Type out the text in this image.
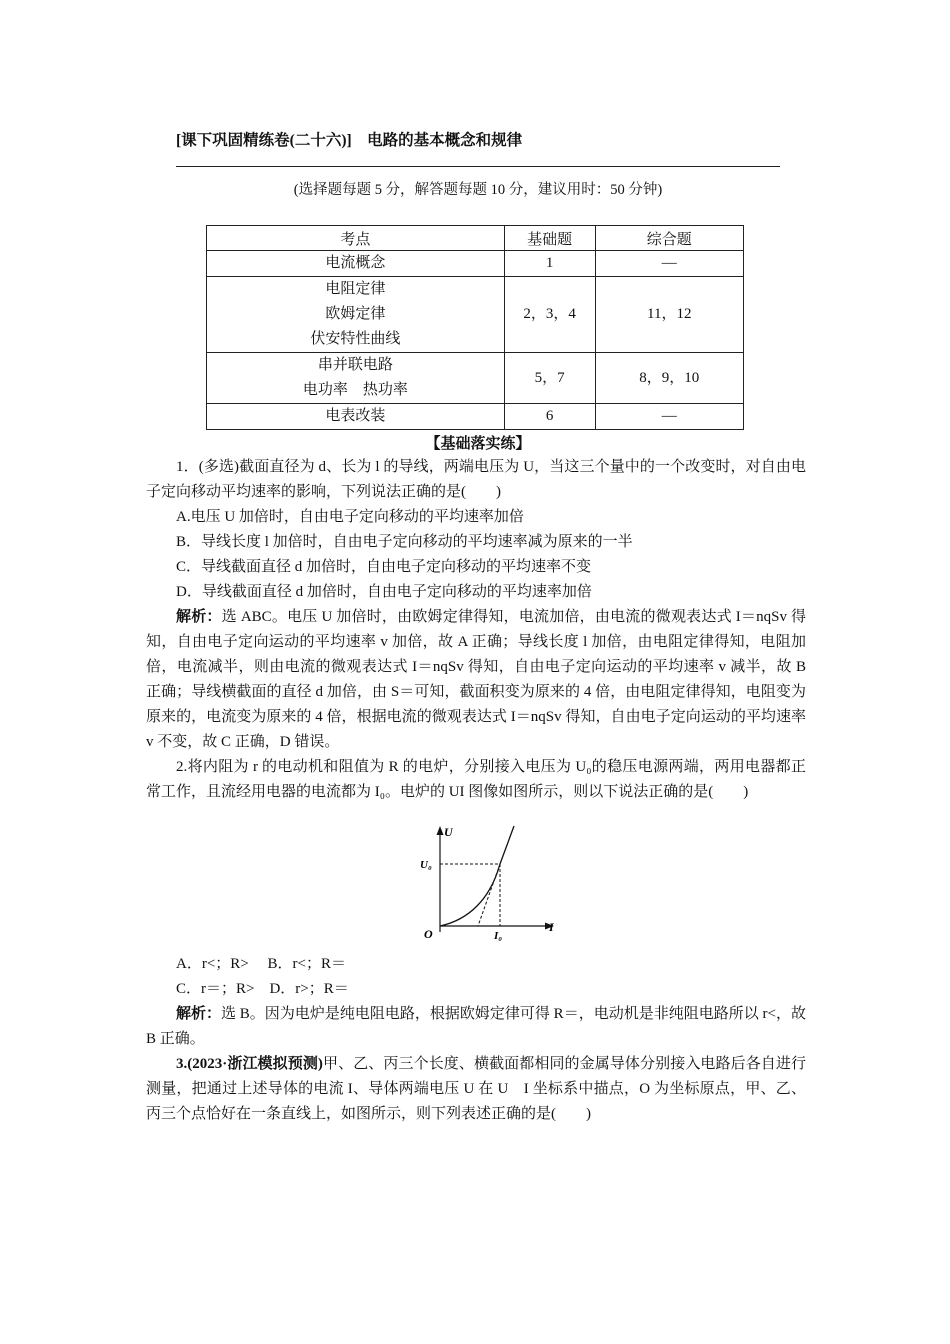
[课下巩固精练卷(二十六)]　电路的基本概念和规律
(选择题每题 5 分，解答题每题 10 分，建议用时：50 分钟)
考点	基础题	综合题

电流概念	1	—

电阻定律
欧姆定律
伏安特性曲线	2，3，4	11，12

串并联电路
电功率　热功率	5，7	8，9，10

电表改装	6	—
【基础落实练】

1．(多选)截面直径为 d、长为 l 的导线，两端电压为 U，当这三个量中的一个改变时，对自由电子定向移动平均速率的影响，下列说法正确的是(　　)

A.电压 U 加倍时，自由电子定向移动的平均速率加倍

B．导线长度 l 加倍时，自由电子定向移动的平均速率减为原来的一半

C．导线截面直径 d 加倍时，自由电子定向移动的平均速率不变

D．导线截面直径 d 加倍时，自由电子定向移动的平均速率加倍

解析：选 ABC。电压 U 加倍时，由欧姆定律得知，电流加倍，由电流的微观表达式 I＝nqSv 得知，自由电子定向运动的平均速率 v 加倍，故 A 正确；导线长度 l 加倍，由电阻定律得知，电阻加倍，电流减半，则由电流的微观表达式 I＝nqSv 得知，自由电子定向运动的平均速率 v 减半，故 B 正确；导线横截面的直径 d 加倍，由 S＝可知，截面积变为原来的 4 倍，由电阻定律得知，电阻变为原来的，电流变为原来的 4 倍，根据电流的微观表达式 I＝nqSv 得知，自由电子定向运动的平均速率 v 不变，故 C 正确，D 错误。

2.将内阻为 r 的电动机和阻值为 R 的电炉，分别接入电压为 U₀的稳压电源两端，两用电器都正常工作，且流经用电器的电流都为 I₀。电炉的 UI 图像如图所示，则以下说法正确的是(　　)

U
I
O
U₀
I₀

A．r<；R>　 B．r<；R＝

C．r＝；R>　D．r>；R＝

解析：选 B。因为电炉是纯电阻电路，根据欧姆定律可得 R＝，电动机是非纯阻电路所以 r<，故 B 正确。

3.(2023·浙江模拟预测)甲、乙、丙三个长度、横截面都相同的金属导体分别接入电路后各自进行测量，把通过上述导体的电流 I、导体两端电压 U 在 U　I 坐标系中描点，O 为坐标原点，甲、乙、丙三个点恰好在一条直线上，如图所示，则下列表述正确的是(　　)
